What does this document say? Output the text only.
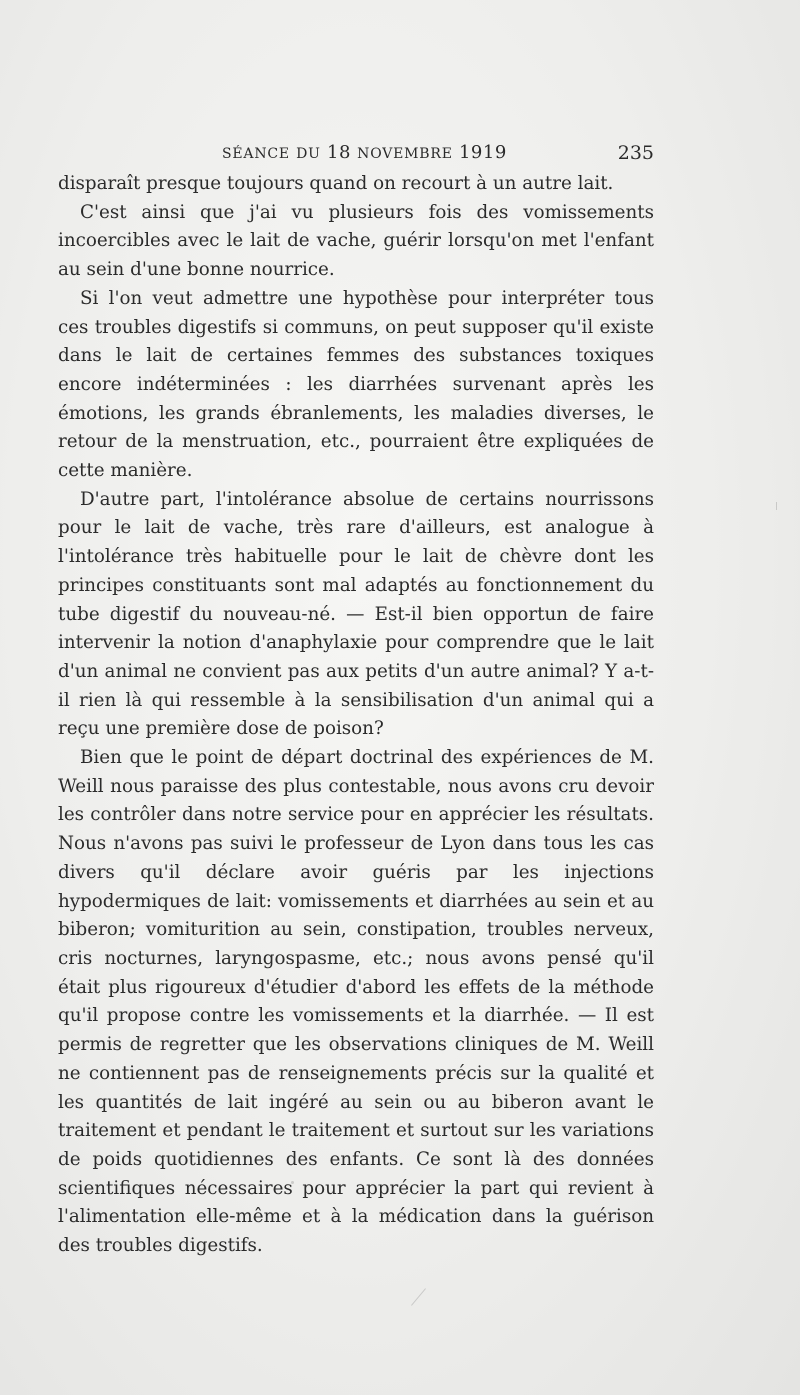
SÉANCE DU 18 NOVEMBRE 1919	235

disparaît presque toujours quand on recourt à un autre lait.

C'est ainsi que j'ai vu plusieurs fois des vomissements incoercibles avec le lait de vache, guérir lorsqu'on met l'enfant au sein d'une bonne nourrice.

Si l'on veut admettre une hypothèse pour interpréter tous ces troubles digestifs si communs, on peut supposer qu'il existe dans le lait de certaines femmes des substances toxiques encore indéterminées : les diarrhées survenant après les émotions, les grands ébranlements, les maladies diverses, le retour de la menstruation, etc., pourraient être expliquées de cette manière.

D'autre part, l'intolérance absolue de certains nourrissons pour le lait de vache, très rare d'ailleurs, est analogue à l'intolérance très habituelle pour le lait de chèvre dont les principes constituants sont mal adaptés au fonctionnement du tube digestif du nouveau-né. — Est-il bien opportun de faire intervenir la notion d'anaphylaxie pour comprendre que le lait d'un animal ne convient pas aux petits d'un autre animal? Y a-t-il rien là qui ressemble à la sensibilisation d'un animal qui a reçu une première dose de poison?

Bien que le point de départ doctrinal des expériences de M. Weill nous paraisse des plus contestable, nous avons cru devoir les contrôler dans notre service pour en apprécier les résultats. Nous n'avons pas suivi le professeur de Lyon dans tous les cas divers qu'il déclare avoir guéris par les injections hypodermiques de lait: vomissements et diarrhées au sein et au biberon; vomiturition au sein, constipation, troubles nerveux, cris nocturnes, laryngospasme, etc.; nous avons pensé qu'il était plus rigoureux d'étudier d'abord les effets de la méthode qu'il propose contre les vomissements et la diarrhée. — Il est permis de regretter que les observations cliniques de M. Weill ne contiennent pas de renseignements précis sur la qualité et les quantités de lait ingéré au sein ou au biberon avant le traitement et pendant le traitement et surtout sur les variations de poids quotidiennes des enfants. Ce sont là des données scientifiques nécessaires pour apprécier la part qui revient à l'alimentation elle-même et à la médication dans la guérison des troubles digestifs.
